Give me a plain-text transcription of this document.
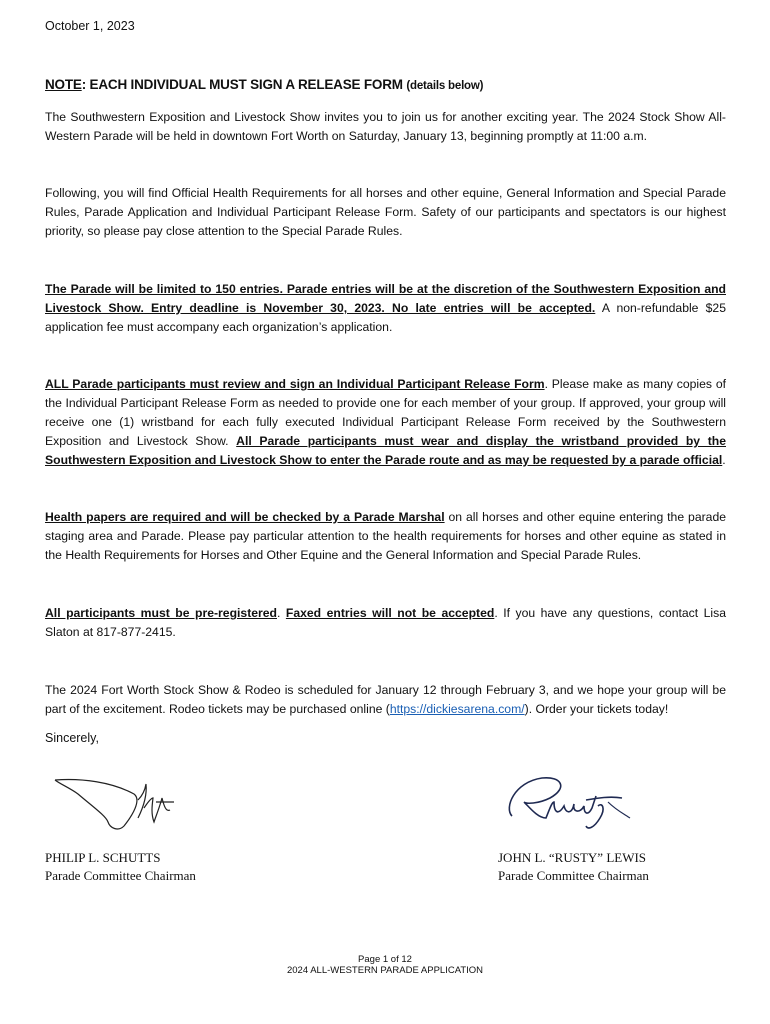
October 1, 2023
NOTE: EACH INDIVIDUAL MUST SIGN A RELEASE FORM (details below)
The Southwestern Exposition and Livestock Show invites you to join us for another exciting year. The 2024 Stock Show All-Western Parade will be held in downtown Fort Worth on Saturday, January 13, beginning promptly at 11:00 a.m.
Following, you will find Official Health Requirements for all horses and other equine, General Information and Special Parade Rules, Parade Application and Individual Participant Release Form. Safety of our participants and spectators is our highest priority, so please pay close attention to the Special Parade Rules.
The Parade will be limited to 150 entries. Parade entries will be at the discretion of the Southwestern Exposition and Livestock Show. Entry deadline is November 30, 2023. No late entries will be accepted. A non-refundable $25 application fee must accompany each organization’s application.
ALL Parade participants must review and sign an Individual Participant Release Form. Please make as many copies of the Individual Participant Release Form as needed to provide one for each member of your group. If approved, your group will receive one (1) wristband for each fully executed Individual Participant Release Form received by the Southwestern Exposition and Livestock Show. All Parade participants must wear and display the wristband provided by the Southwestern Exposition and Livestock Show to enter the Parade route and as may be requested by a parade official.
Health papers are required and will be checked by a Parade Marshal on all horses and other equine entering the parade staging area and Parade. Please pay particular attention to the health requirements for horses and other equine as stated in the Health Requirements for Horses and Other Equine and the General Information and Special Parade Rules.
All participants must be pre-registered. Faxed entries will not be accepted. If you have any questions, contact Lisa Slaton at 817-877-2415.
The 2024 Fort Worth Stock Show & Rodeo is scheduled for January 12 through February 3, and we hope your group will be part of the excitement. Rodeo tickets may be purchased online (https://dickiesarena.com/). Order your tickets today!
Sincerely,
PHILIP L. SCHUTTS
Parade Committee Chairman
JOHN L. “RUSTY” LEWIS
Parade Committee Chairman
Page 1 of 12
2024 ALL-WESTERN PARADE APPLICATION
